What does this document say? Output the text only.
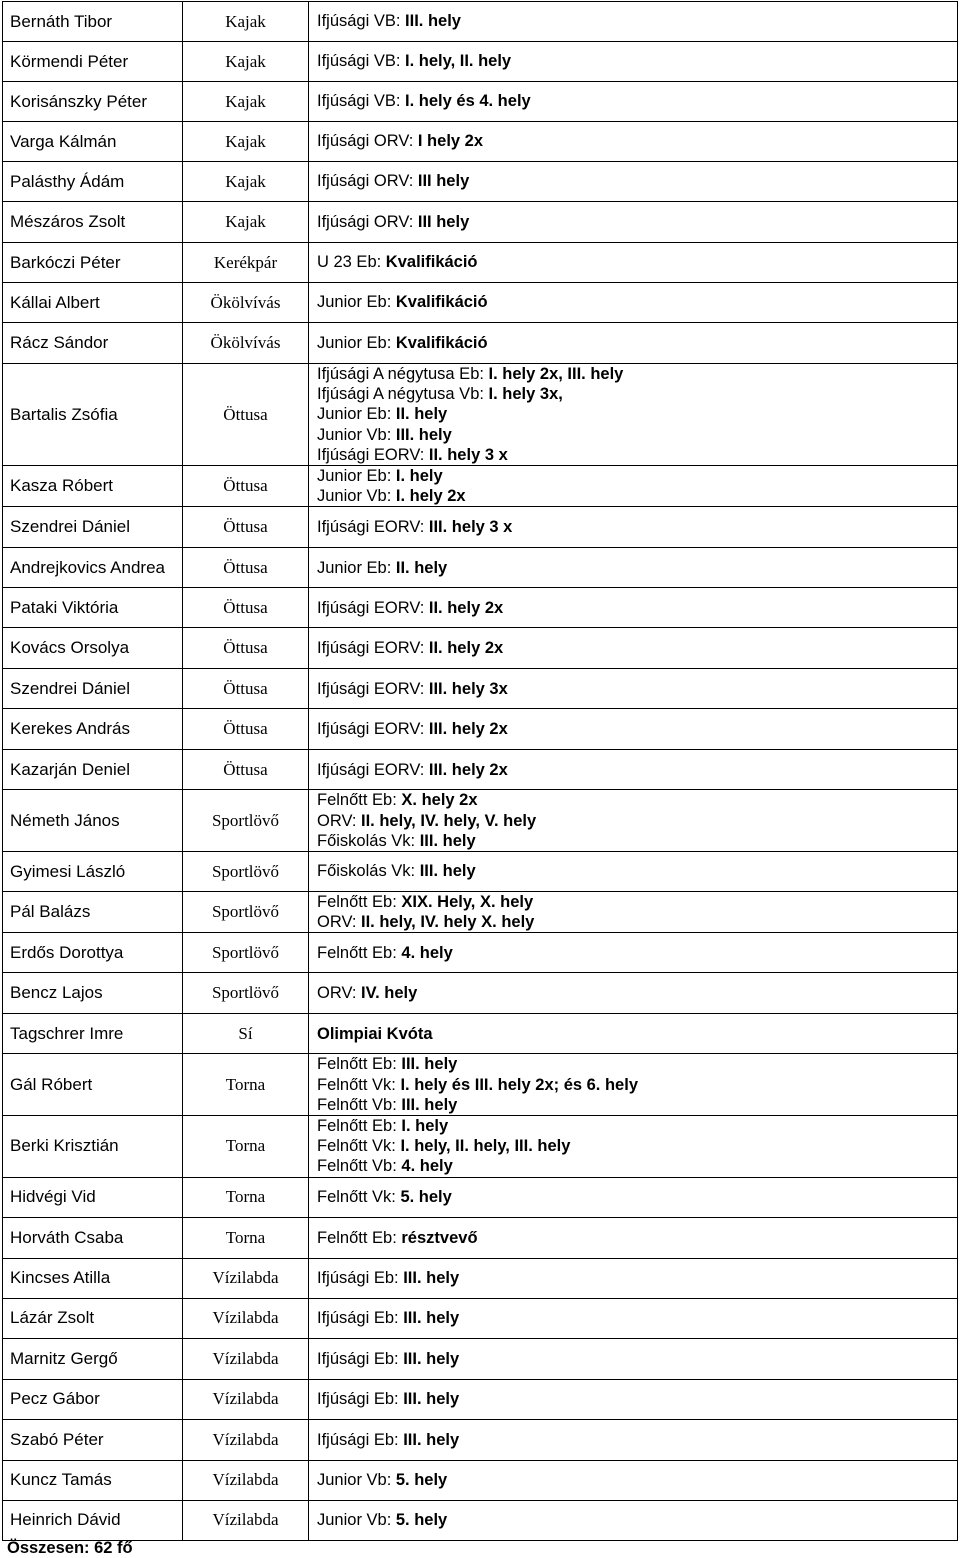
Bernáth Tibor	Kajak	Ifjúsági VB: III. hely

Körmendi Péter	Kajak	Ifjúsági VB: I. hely, II. hely

Korisánszky Péter	Kajak	Ifjúsági VB: I. hely és 4. hely

Varga Kálmán	Kajak	Ifjúsági ORV: I hely 2x

Palásthy Ádám	Kajak	Ifjúsági ORV: III hely

Mészáros Zsolt	Kajak	Ifjúsági ORV: III hely

Barkóczi Péter	Kerékpár	U 23 Eb: Kvalifikáció

Kállai Albert	Ökölvívás	Junior Eb: Kvalifikáció

Rácz Sándor	Ökölvívás	Junior Eb: Kvalifikáció

Bartalis Zsófia	Öttusa	Ifjúsági A négytusa Eb: I. hely 2x, III. hely
Ifjúsági A négytusa Vb: I. hely 3x,
Junior Eb: II. hely
Junior Vb: III. hely
Ifjúsági EORV: II. hely 3 x

Kasza Róbert	Öttusa	Junior Eb: I. hely
Junior Vb: I. hely 2x

Szendrei Dániel	Öttusa	Ifjúsági EORV: III. hely 3 x

Andrejkovics Andrea	Öttusa	Junior Eb: II. hely

Pataki Viktória	Öttusa	Ifjúsági EORV: II. hely 2x

Kovács Orsolya	Öttusa	Ifjúsági EORV: II. hely 2x

Szendrei Dániel	Öttusa	Ifjúsági EORV: III. hely 3x

Kerekes András	Öttusa	Ifjúsági EORV: III. hely 2x

Kazarján Deniel	Öttusa	Ifjúsági EORV: III. hely 2x

Németh János	Sportlövő	Felnőtt Eb: X. hely 2x
ORV: II. hely, IV. hely, V. hely
Főiskolás Vk: III. hely

Gyimesi László	Sportlövő	Főiskolás Vk: III. hely

Pál Balázs	Sportlövő	Felnőtt Eb: XIX. Hely, X. hely
ORV: II. hely, IV. hely X. hely

Erdős Dorottya	Sportlövő	Felnőtt Eb: 4. hely

Bencz Lajos	Sportlövő	ORV: IV. hely

Tagschrer Imre	Sí	Olimpiai Kvóta

Gál Róbert	Torna	Felnőtt Eb: III. hely
Felnőtt Vk: I. hely és III. hely 2x; és 6. hely
Felnőtt Vb: III. hely

Berki Krisztián	Torna	Felnőtt Eb: I. hely
Felnőtt Vk: I. hely, II. hely, III. hely
Felnőtt Vb: 4. hely

Hidvégi Vid	Torna	Felnőtt Vk: 5. hely

Horváth Csaba	Torna	Felnőtt Eb: résztvevő

Kincses Atilla	Vízilabda	Ifjúsági Eb: III. hely

Lázár Zsolt	Vízilabda	Ifjúsági Eb: III. hely

Marnitz Gergő	Vízilabda	Ifjúsági Eb: III. hely

Pecz Gábor	Vízilabda	Ifjúsági Eb: III. hely

Szabó Péter	Vízilabda	Ifjúsági Eb: III. hely

Kuncz Tamás	Vízilabda	Junior Vb: 5. hely

Heinrich Dávid	Vízilabda	Junior Vb: 5. hely
Összesen: 62 fő
